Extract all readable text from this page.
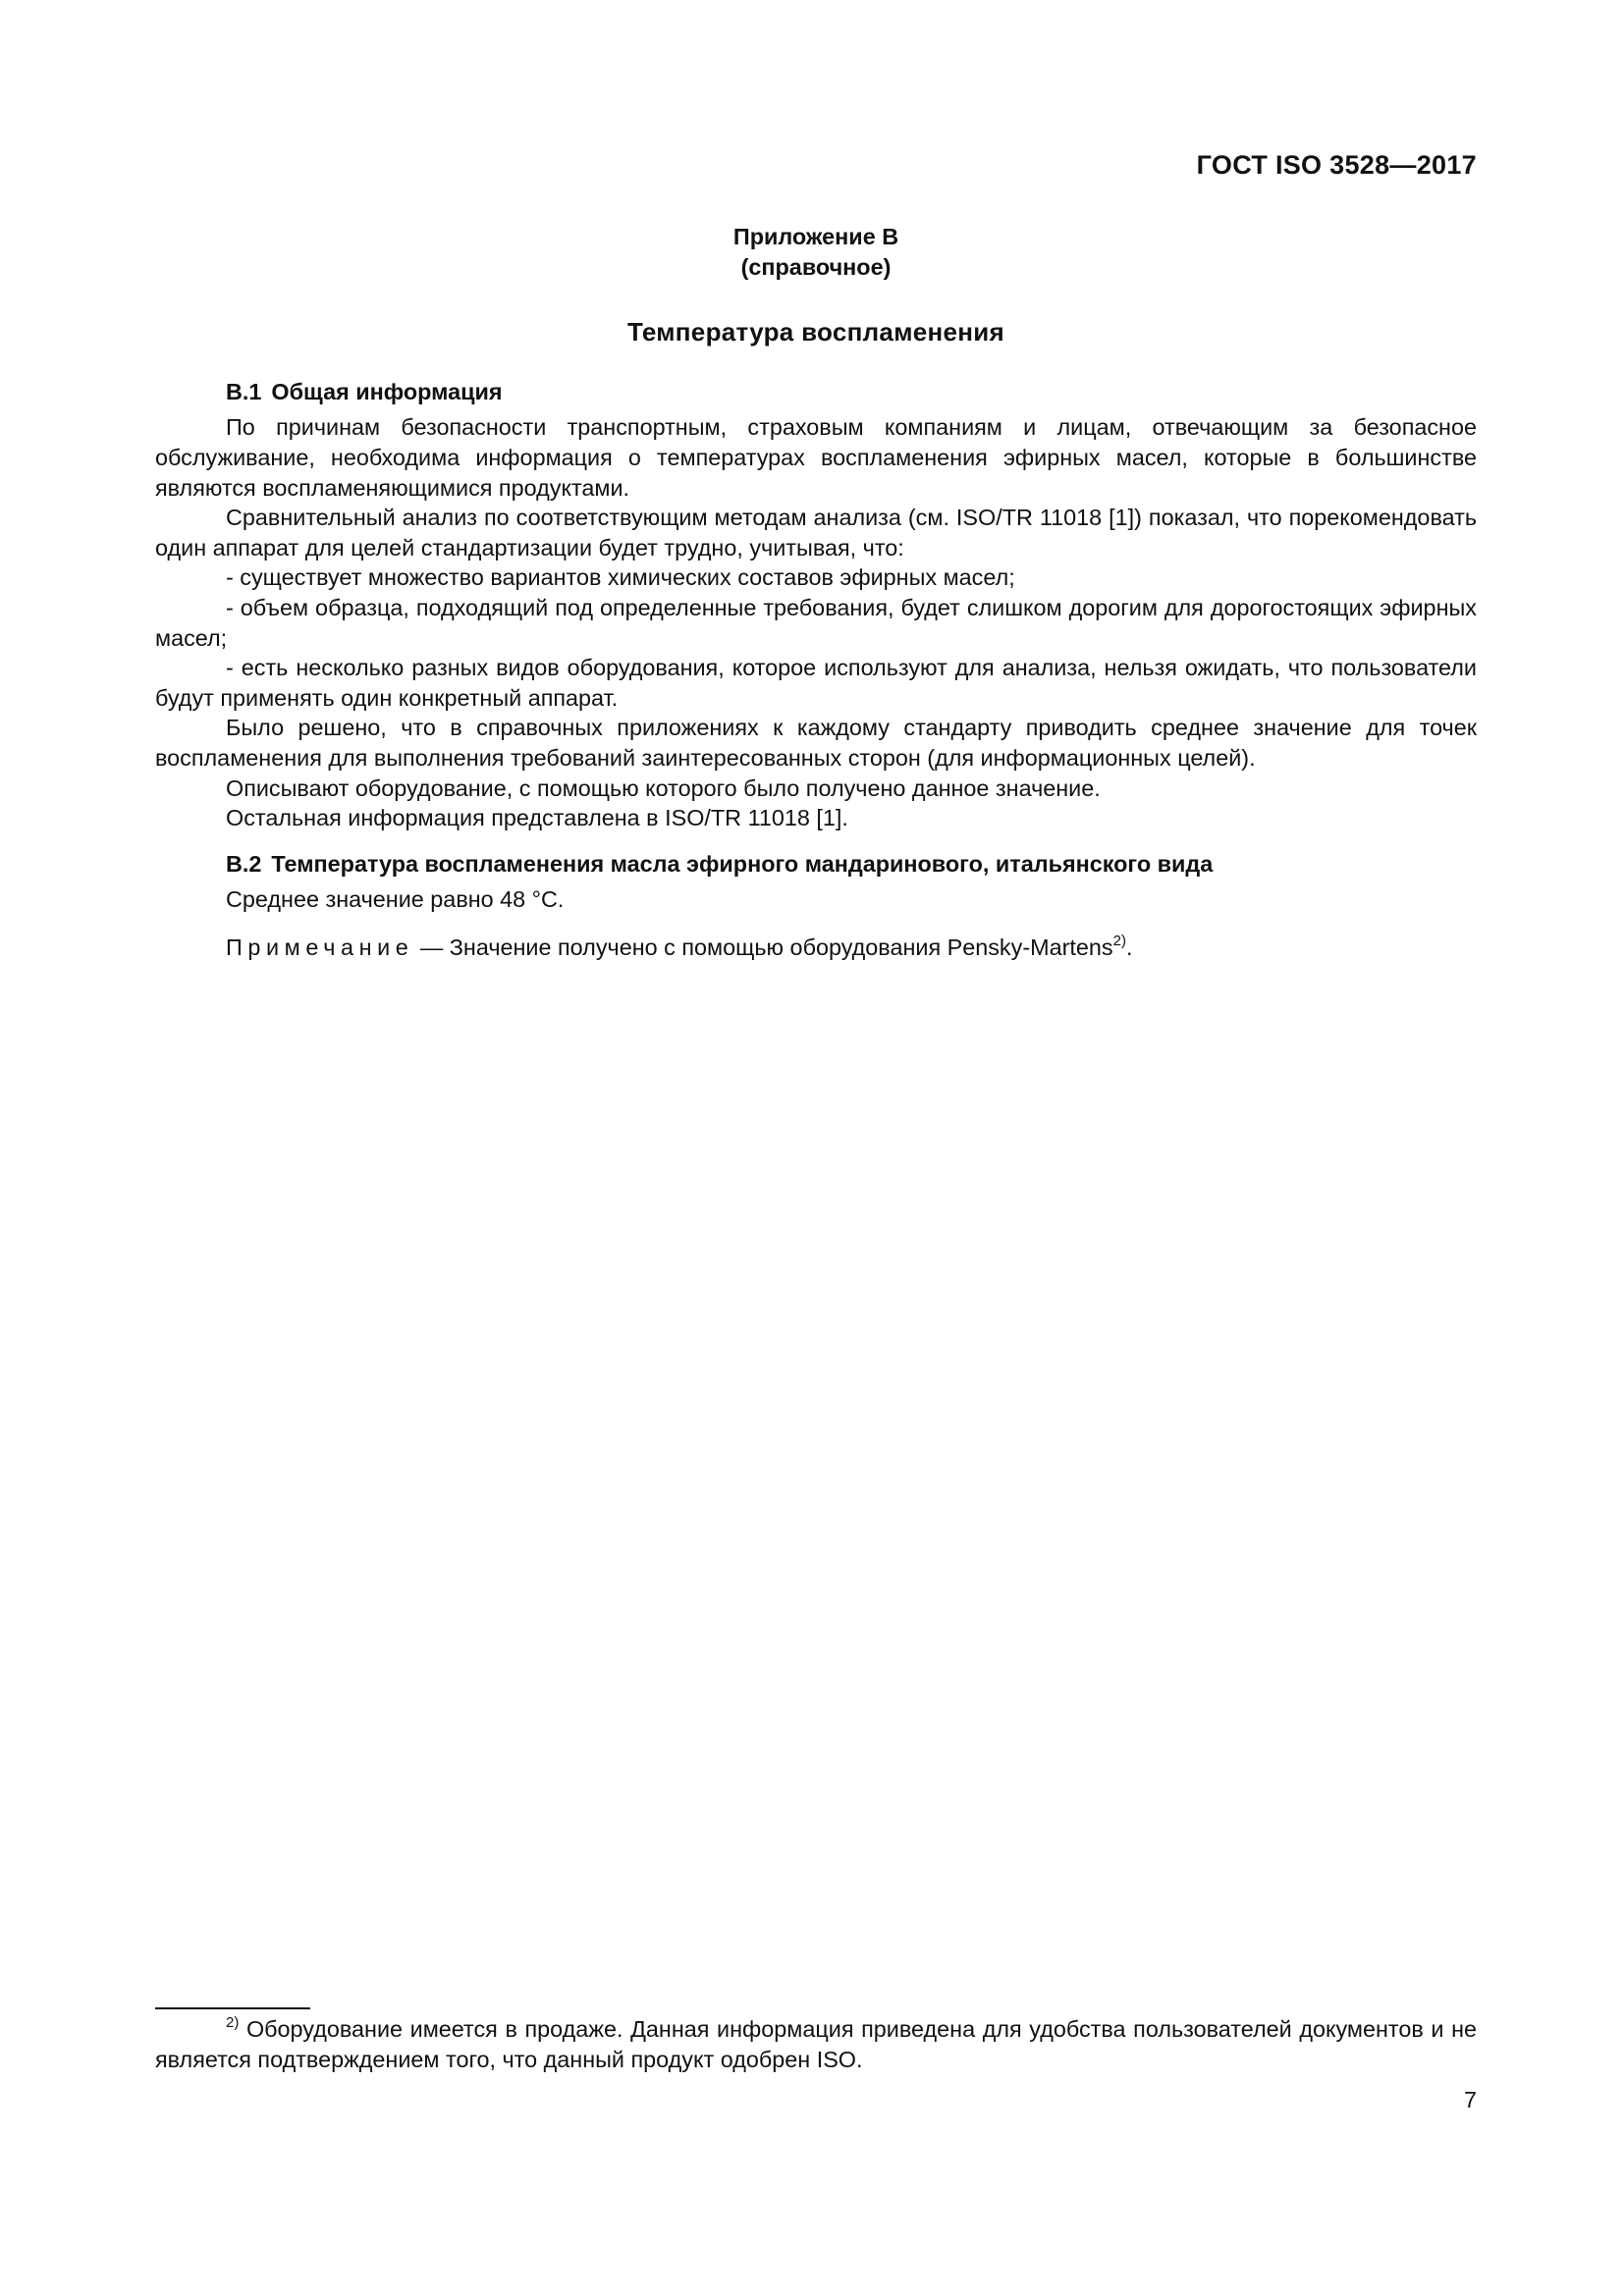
ГОСТ ISO 3528—2017
Приложение В
(справочное)
Температура воспламенения
В.1 Общая информация

По причинам безопасности транспортным, страховым компаниям и лицам, отвечающим за безопасное обслуживание, необходима информация о температурах воспламенения эфирных масел, которые в большинстве являются воспламеняющимися продуктами.

Сравнительный анализ по соответствующим методам анализа (см. ISO/TR 11018 [1]) показал, что порекомендовать один аппарат для целей стандартизации будет трудно, учитывая, что:

- существует множество вариантов химических составов эфирных масел;

- объем образца, подходящий под определенные требования, будет слишком дорогим для дорогостоящих эфирных масел;

- есть несколько разных видов оборудования, которое используют для анализа, нельзя ожидать, что пользователи будут применять один конкретный аппарат.

Было решено, что в справочных приложениях к каждому стандарту приводить среднее значение для точек воспламенения для выполнения требований заинтересованных сторон (для информационных целей).

Описывают оборудование, с помощью которого было получено данное значение.

Остальная информация представлена в ISO/TR 11018 [1].

В.2 Температура воспламенения масла эфирного мандаринового, итальянского вида

Среднее значение равно 48 °C.

Примечание — Значение получено с помощью оборудования Pensky-Martens$^{2)}$.

$^{2)}$ Оборудование имеется в продаже. Данная информация приведена для удобства пользователей документов и не является подтверждением того, что данный продукт одобрен ISO.
7
